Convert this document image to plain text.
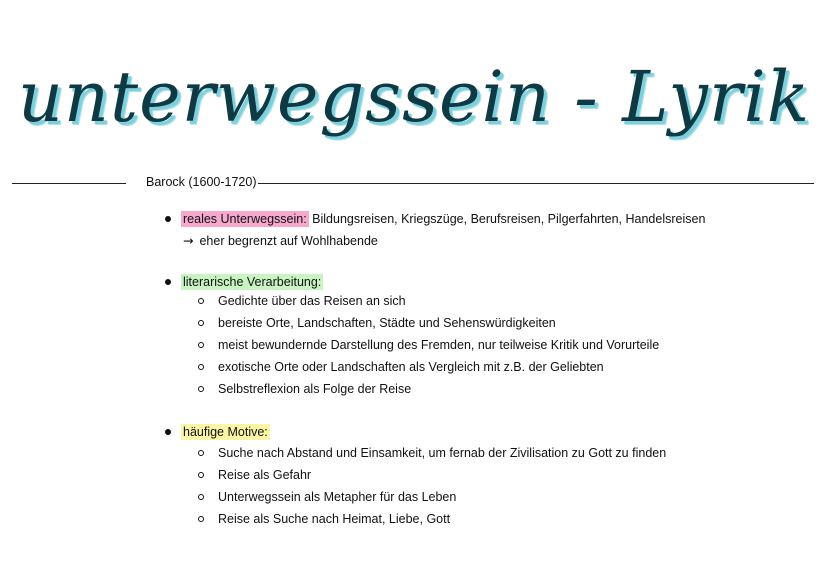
unterwegssein - Lyrik
Barock (1600-1720)
reales Unterwegssein: Bildungsreisen, Kriegszüge, Berufsreisen, Pilgerfahrten, Handelsreisen
→ eher begrenzt auf Wohlhabende
literarische Verarbeitung:
Gedichte über das Reisen an sich
bereiste Orte, Landschaften, Städte und Sehenswürdigkeiten
meist bewundernde Darstellung des Fremden, nur teilweise Kritik und Vorurteile
exotische Orte oder Landschaften als Vergleich mit z.B. der Geliebten
Selbstreflexion als Folge der Reise
häufige Motive:
Suche nach Abstand und Einsamkeit, um fernab der Zivilisation zu Gott zu finden
Reise als Gefahr
Unterwegssein als Metapher für das Leben
Reise als Suche nach Heimat, Liebe, Gott
